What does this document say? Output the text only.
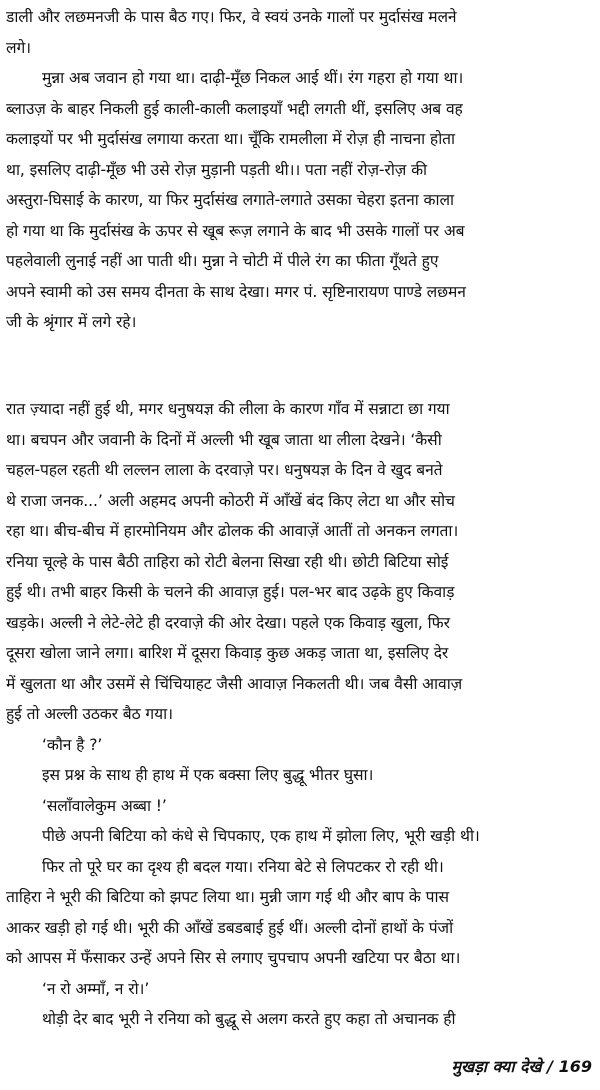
डाली और लछमनजी के पास बैठ गए। फिर, वे स्वयं उनके गालों पर मुर्दासंख मलने
लगे।
मुन्ना अब जवान हो गया था। दाढ़ी-मूँछ निकल आई थीं। रंग गहरा हो गया था।
ब्लाउज़ के बाहर निकली हुई काली-काली कलाइयाँ भद्दी लगती थीं, इसलिए अब वह
कलाइयों पर भी मुर्दासंख लगाया करता था। चूँकि रामलीला में रोज़ ही नाचना होता
था, इसलिए दाढ़ी-मूँछ भी उसे रोज़ मुड़ानी पड़ती थी।। पता नहीं रोज़-रोज़ की
अस्तुरा-घिसाई के कारण, या फिर मुर्दासंख लगाते-लगाते उसका चेहरा इतना काला
हो गया था कि मुर्दासंख के ऊपर से खूब रूज़ लगाने के बाद भी उसके गालों पर अब
पहलेवाली लुनाई नहीं आ पाती थी। मुन्ना ने चोटी में पीले रंग का फीता गूँथते हुए
अपने स्वामी को उस समय दीनता के साथ देखा। मगर पं. सृष्टिनारायण पाण्डे लछमन
जी के श्रृंगार में लगे रहे।
रात ज़्यादा नहीं हुई थी, मगर धनुषयज्ञ की लीला के कारण गाँव में सन्नाटा छा गया
था। बचपन और जवानी के दिनों में अल्ली भी खूब जाता था लीला देखने। ‘कैसी
चहल-पहल रहती थी लल्लन लाला के दरवाज़े पर। धनुषयज्ञ के दिन वे खुद बनते
थे राजा जनक...’ अली अहमद अपनी कोठरी में आँखें बंद किए लेटा था और सोच
रहा था। बीच-बीच में हारमोनियम और ढोलक की आवाज़ें आतीं तो अनकन लगता।
रनिया चूल्हे के पास बैठी ताहिरा को रोटी बेलना सिखा रही थी। छोटी बिटिया सोई
हुई थी। तभी बाहर किसी के चलने की आवाज़ हुई। पल-भर बाद उढ़के हुए किवाड़
खड़के। अल्ली ने लेटे-लेटे ही दरवाज़े की ओर देखा। पहले एक किवाड़ खुला, फिर
दूसरा खोला जाने लगा। बारिश में दूसरा किवाड़ कुछ अकड़ जाता था, इसलिए देर
में खुलता था और उसमें से चिंचियाहट जैसी आवाज़ निकलती थी। जब वैसी आवाज़
हुई तो अल्ली उठकर बैठ गया।
‘कौन है ?’
इस प्रश्न के साथ ही हाथ में एक बक्सा लिए बुद्धू भीतर घुसा।
‘सलाँवालेकुम अब्बा !’
पीछे अपनी बिटिया को कंधे से चिपकाए, एक हाथ में झोला लिए, भूरी खड़ी थी।
फिर तो पूरे घर का दृश्य ही बदल गया। रनिया बेटे से लिपटकर रो रही थी।
ताहिरा ने भूरी की बिटिया को झपट लिया था। मुन्नी जाग गई थी और बाप के पास
आकर खड़ी हो गई थी। भूरी की आँखें डबडबाई हुई थीं। अल्ली दोनों हाथों के पंजों
को आपस में फँसाकर उन्हें अपने सिर से लगाए चुपचाप अपनी खटिया पर बैठा था।
‘न रो अम्माँ, न रो।’
थोड़ी देर बाद भूरी ने रनिया को बुद्धू से अलग करते हुए कहा तो अचानक ही
मुखड़ा क्या देखे / 169
